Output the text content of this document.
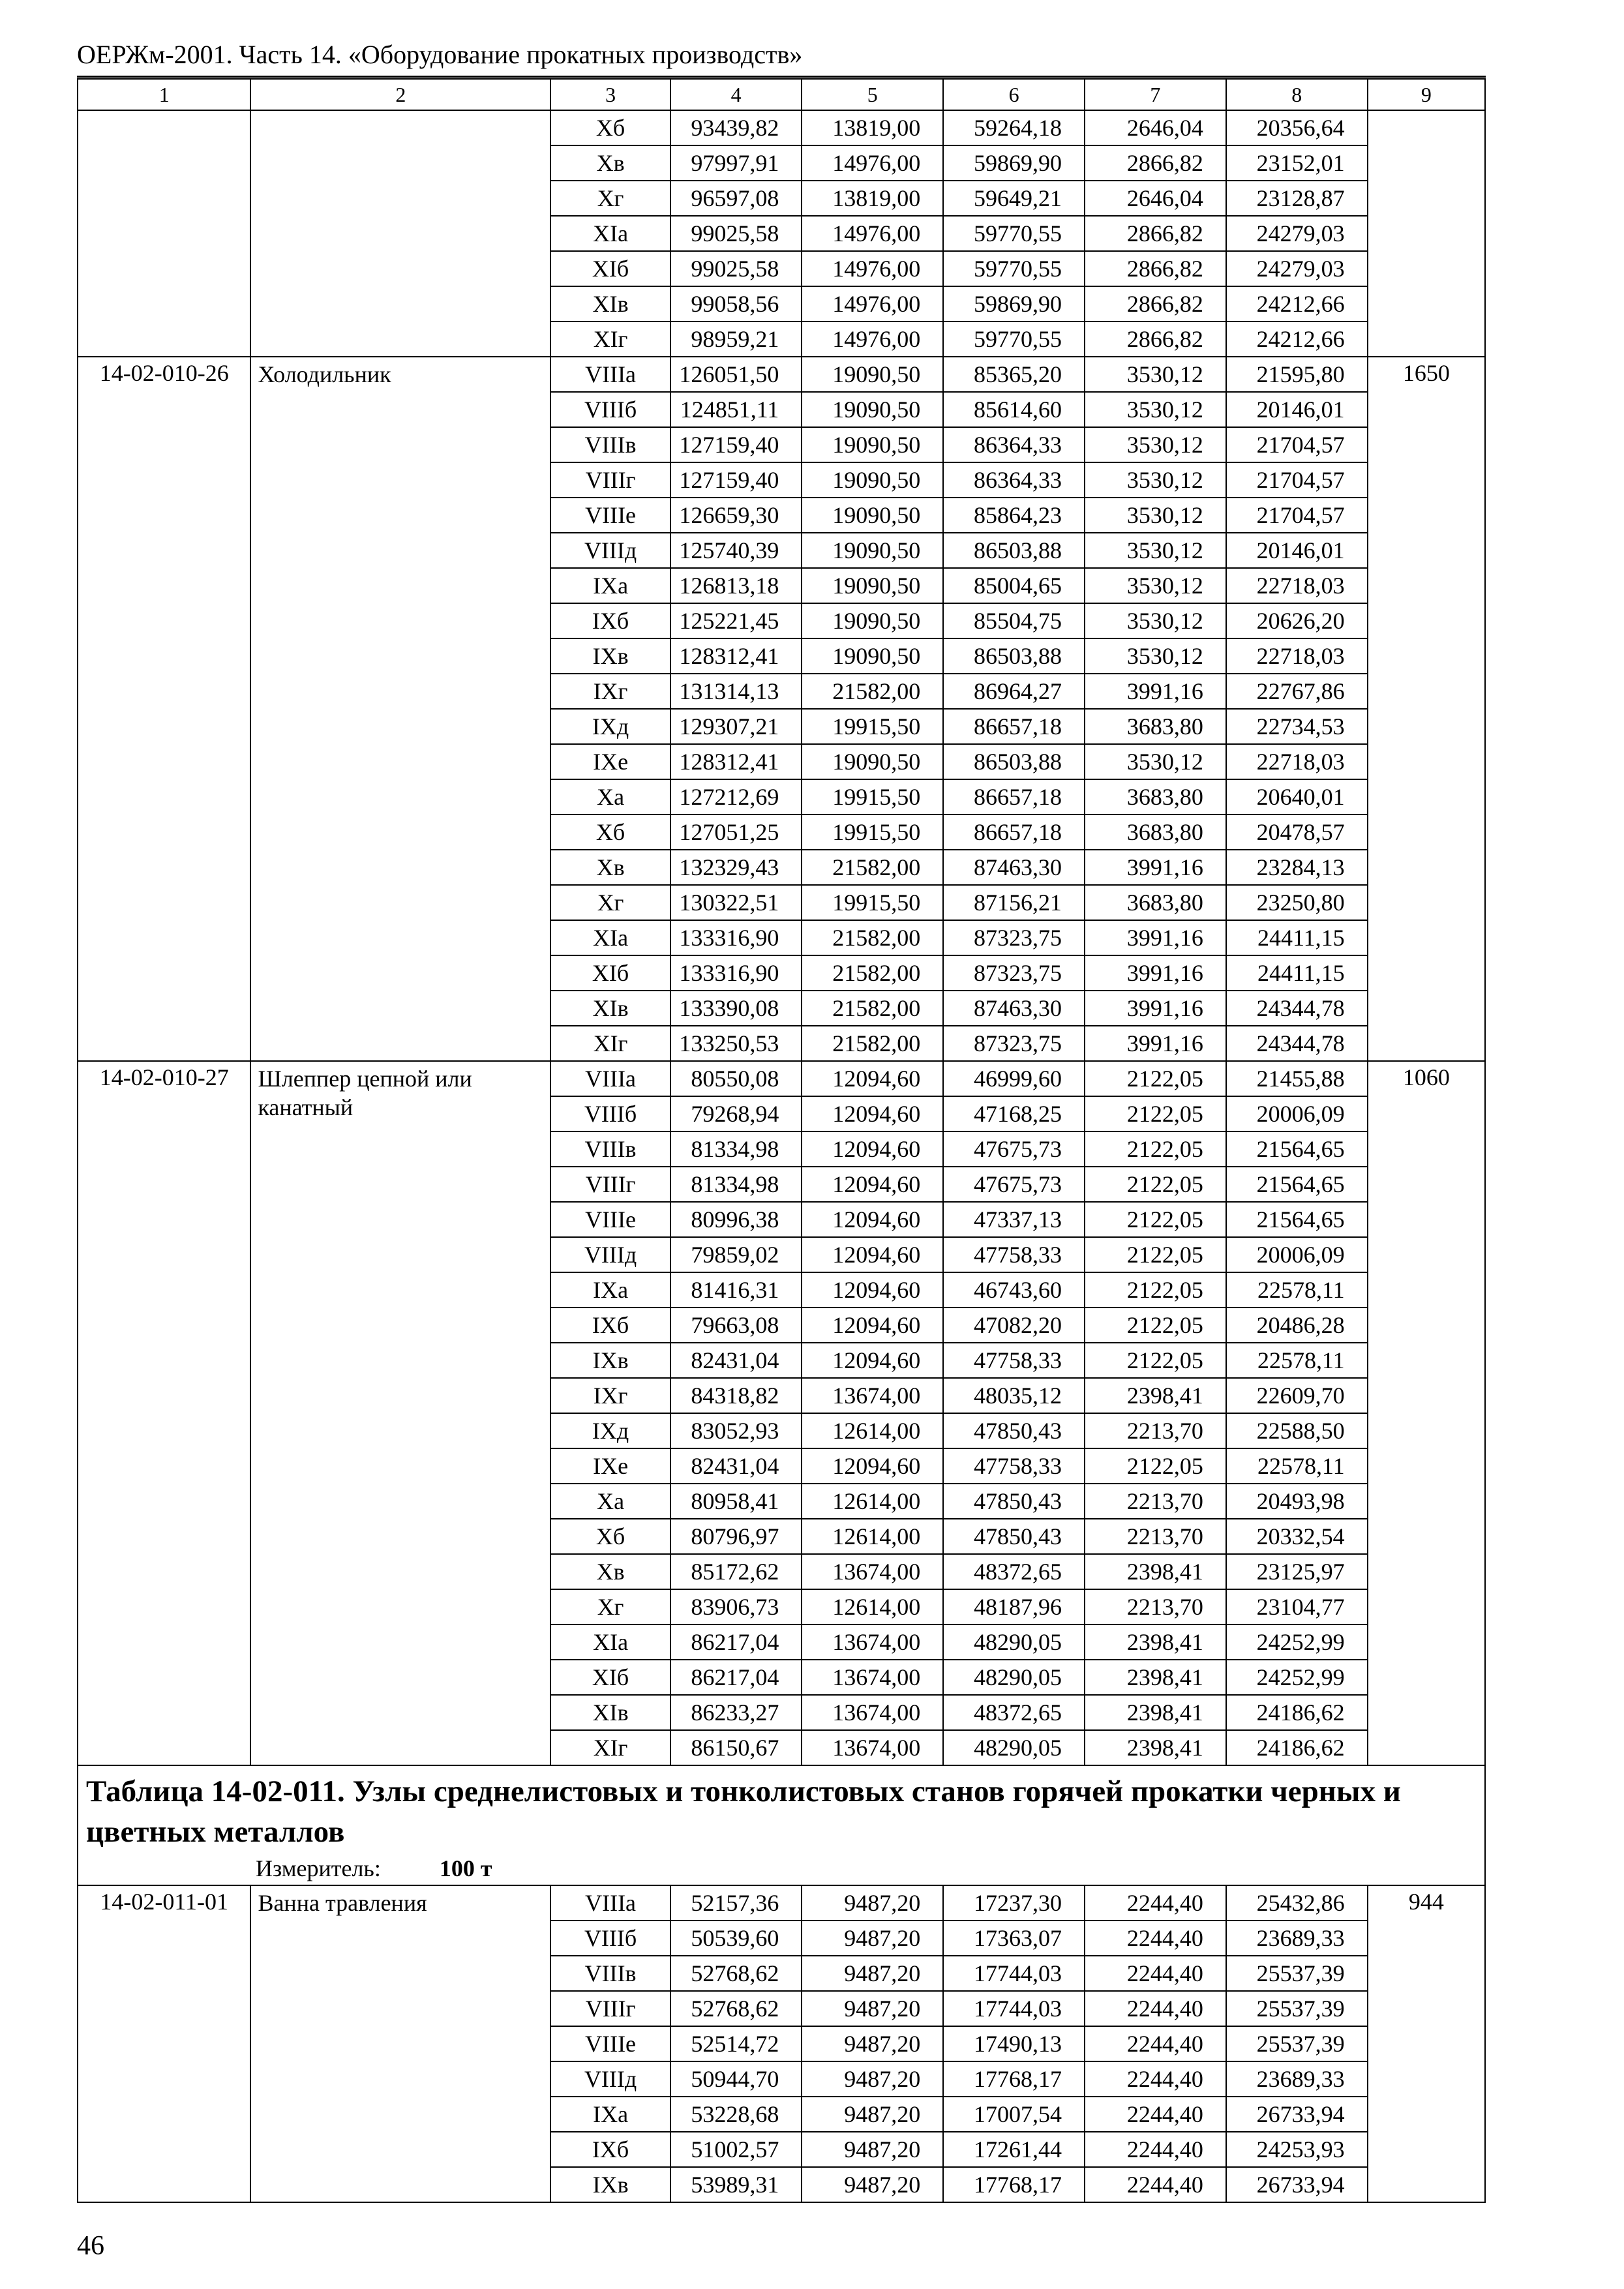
ОЕРЖм-2001. Часть 14. «Оборудование прокатных производств»
1	2	3	4	5	6	7	8	9
		Xб	93439,82	13819,00	59264,18	2646,04	20356,64	
		Xв	97997,91	14976,00	59869,90	2866,82	23152,01	
		Xг	96597,08	13819,00	59649,21	2646,04	23128,87	
		XIа	99025,58	14976,00	59770,55	2866,82	24279,03	
		XIб	99025,58	14976,00	59770,55	2866,82	24279,03	
		XIв	99058,56	14976,00	59869,90	2866,82	24212,66	
		XIг	98959,21	14976,00	59770,55	2866,82	24212,66	
14-02-010-26	Холодильник	VIIIа	126051,50	19090,50	85365,20	3530,12	21595,80	1650
		VIIIб	124851,11	19090,50	85614,60	3530,12	20146,01	
		VIIIв	127159,40	19090,50	86364,33	3530,12	21704,57	
		VIIIг	127159,40	19090,50	86364,33	3530,12	21704,57	
		VIIIе	126659,30	19090,50	85864,23	3530,12	21704,57	
		VIIIд	125740,39	19090,50	86503,88	3530,12	20146,01	
		IXа	126813,18	19090,50	85004,65	3530,12	22718,03	
		IXб	125221,45	19090,50	85504,75	3530,12	20626,20	
		IXв	128312,41	19090,50	86503,88	3530,12	22718,03	
		IXг	131314,13	21582,00	86964,27	3991,16	22767,86	
		IXд	129307,21	19915,50	86657,18	3683,80	22734,53	
		IXе	128312,41	19090,50	86503,88	3530,12	22718,03	
		Xа	127212,69	19915,50	86657,18	3683,80	20640,01	
		Xб	127051,25	19915,50	86657,18	3683,80	20478,57	
		Xв	132329,43	21582,00	87463,30	3991,16	23284,13	
		Xг	130322,51	19915,50	87156,21	3683,80	23250,80	
		XIа	133316,90	21582,00	87323,75	3991,16	24411,15	
		XIб	133316,90	21582,00	87323,75	3991,16	24411,15	
		XIв	133390,08	21582,00	87463,30	3991,16	24344,78	
		XIг	133250,53	21582,00	87323,75	3991,16	24344,78	
14-02-010-27	Шлеппер цепной или канатный	VIIIа	80550,08	12094,60	46999,60	2122,05	21455,88	1060
		VIIIб	79268,94	12094,60	47168,25	2122,05	20006,09	
		VIIIв	81334,98	12094,60	47675,73	2122,05	21564,65	
		VIIIг	81334,98	12094,60	47675,73	2122,05	21564,65	
		VIIIе	80996,38	12094,60	47337,13	2122,05	21564,65	
		VIIIд	79859,02	12094,60	47758,33	2122,05	20006,09	
		IXа	81416,31	12094,60	46743,60	2122,05	22578,11	
		IXб	79663,08	12094,60	47082,20	2122,05	20486,28	
		IXв	82431,04	12094,60	47758,33	2122,05	22578,11	
		IXг	84318,82	13674,00	48035,12	2398,41	22609,70	
		IXд	83052,93	12614,00	47850,43	2213,70	22588,50	
		IXе	82431,04	12094,60	47758,33	2122,05	22578,11	
		Xа	80958,41	12614,00	47850,43	2213,70	20493,98	
		Xб	80796,97	12614,00	47850,43	2213,70	20332,54	
		Xв	85172,62	13674,00	48372,65	2398,41	23125,97	
		Xг	83906,73	12614,00	48187,96	2213,70	23104,77	
		XIа	86217,04	13674,00	48290,05	2398,41	24252,99	
		XIб	86217,04	13674,00	48290,05	2398,41	24252,99	
		XIв	86233,27	13674,00	48372,65	2398,41	24186,62	
		XIг	86150,67	13674,00	48290,05	2398,41	24186,62	

Таблица 14-02-011. Узлы среднелистовых и тонколистовых станов горячей прокатки черных и цветных металлов
Измеритель: 100 т								

14-02-011-01	Ванна травления	VIIIа	52157,36	9487,20	17237,30	2244,40	25432,86	944
		VIIIб	50539,60	9487,20	17363,07	2244,40	23689,33	
		VIIIв	52768,62	9487,20	17744,03	2244,40	25537,39	
		VIIIг	52768,62	9487,20	17744,03	2244,40	25537,39	
		VIIIе	52514,72	9487,20	17490,13	2244,40	25537,39	
		VIIIд	50944,70	9487,20	17768,17	2244,40	23689,33	
		IXа	53228,68	9487,20	17007,54	2244,40	26733,94	
		IXб	51002,57	9487,20	17261,44	2244,40	24253,93	
		IXв	53989,31	9487,20	17768,17	2244,40	26733,94	
46
